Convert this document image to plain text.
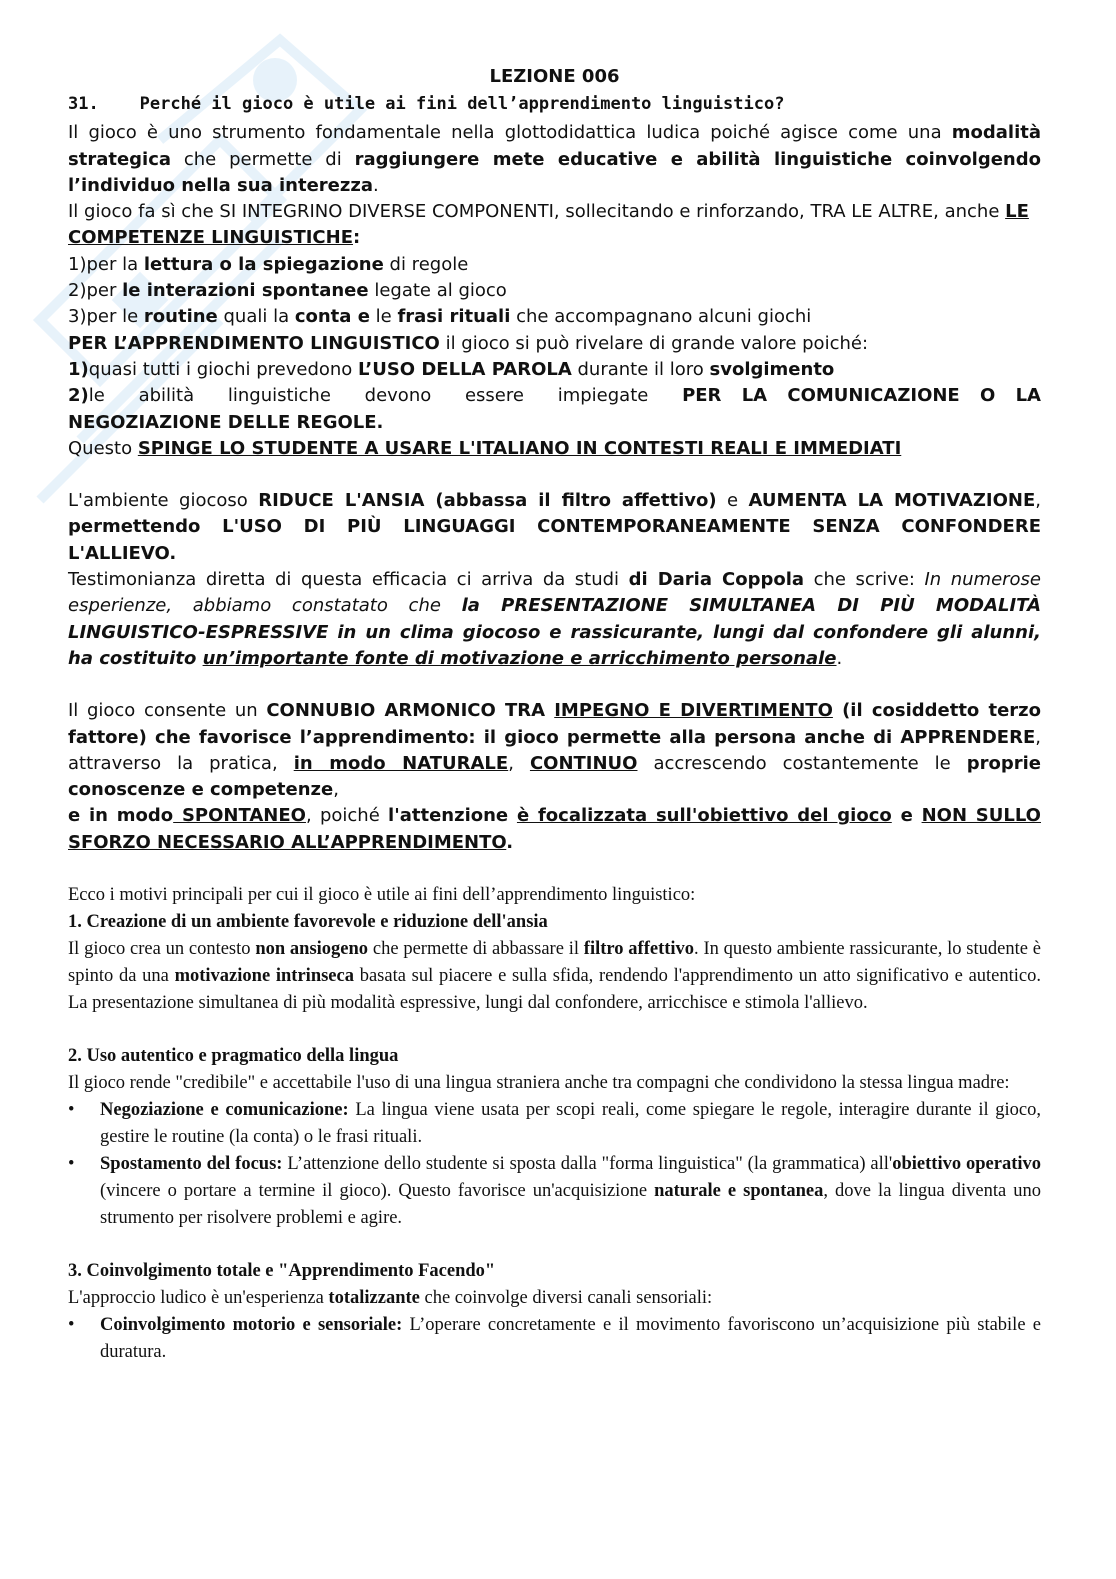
LEZIONE 006
31. Perché il gioco è utile ai fini dell’apprendimento linguistico?

Il gioco è uno strumento fondamentale nella glottodidattica ludica poiché agisce come una modalità strategica che permette di raggiungere mete educative e abilità linguistiche coinvolgendo l’individuo nella sua interezza.

Il gioco fa sì che SI INTEGRINO DIVERSE COMPONENTI, sollecitando e rinforzando, TRA LE ALTRE, anche LE COMPETENZE LINGUISTICHE:

1)per la lettura o la spiegazione di regole
2)per le interazioni spontanee legate al gioco
3)per le routine quali la conta e le frasi rituali che accompagnano alcuni giochi

PER L’APPRENDIMENTO LINGUISTICO il gioco si può rivelare di grande valore poiché:

1)quasi tutti i giochi prevedono L’USO DELLA PAROLA durante il loro svolgimento

2)le abilità linguistiche devono essere impiegate PER LA COMUNICAZIONE O LA NEGOZIAZIONE DELLE REGOLE.

Questo SPINGE LO STUDENTE A USARE L'ITALIANO IN CONTESTI REALI E IMMEDIATI

L'ambiente giocoso RIDUCE L'ANSIA (abbassa il filtro affettivo) e AUMENTA LA MOTIVAZIONE, permettendo L'USO DI PIÙ LINGUAGGI CONTEMPORANEAMENTE SENZA CONFONDERE L'ALLIEVO.

Testimonianza diretta di questa efficacia ci arriva da studi di Daria Coppola che scrive: In numerose esperienze, abbiamo constatato che la PRESENTAZIONE SIMULTANEA DI PIÙ MODALITÀ LINGUISTICO-ESPRESSIVE in un clima giocoso e rassicurante, lungi dal confondere gli alunni, ha costituito un’importante fonte di motivazione e arricchimento personale.

Il gioco consente un CONNUBIO ARMONICO TRA IMPEGNO E DIVERTIMENTO (il cosiddetto terzo fattore) che favorisce l’apprendimento: il gioco permette alla persona anche di APPRENDERE, attraverso la pratica, in modo NATURALE, CONTINUO accrescendo costantemente le proprie conoscenze e competenze,

e in modo SPONTANEO, poiché l'attenzione è focalizzata sull'obiettivo del gioco e NON SULLO SFORZO NECESSARIO ALL’APPRENDIMENTO.

Ecco i motivi principali per cui il gioco è utile ai fini dell’apprendimento linguistico:

1. Creazione di un ambiente favorevole e riduzione dell'ansia

Il gioco crea un contesto non ansiogeno che permette di abbassare il filtro affettivo. In questo ambiente rassicurante, lo studente è spinto da una motivazione intrinseca basata sul piacere e sulla sfida, rendendo l'apprendimento un atto significativo e autentico. La presentazione simultanea di più modalità espressive, lungi dal confondere, arricchisce e stimola l'allievo.

2. Uso autentico e pragmatico della lingua

Il gioco rende "credibile" e accettabile l'uso di una lingua straniera anche tra compagni che condividono la stessa lingua madre:

• Negoziazione e comunicazione: La lingua viene usata per scopi reali, come spiegare le regole, interagire durante il gioco, gestire le routine (la conta) o le frasi rituali.
• Spostamento del focus: L’attenzione dello studente si sposta dalla "forma linguistica" (la grammatica) all'obiettivo operativo (vincere o portare a termine il gioco). Questo favorisce un'acquisizione naturale e spontanea, dove la lingua diventa uno strumento per risolvere problemi e agire.

3. Coinvolgimento totale e "Apprendimento Facendo"

L'approccio ludico è un'esperienza totalizzante che coinvolge diversi canali sensoriali:

• Coinvolgimento motorio e sensoriale: L’operare concretamente e il movimento favoriscono un’acquisizione più stabile e duratura.
